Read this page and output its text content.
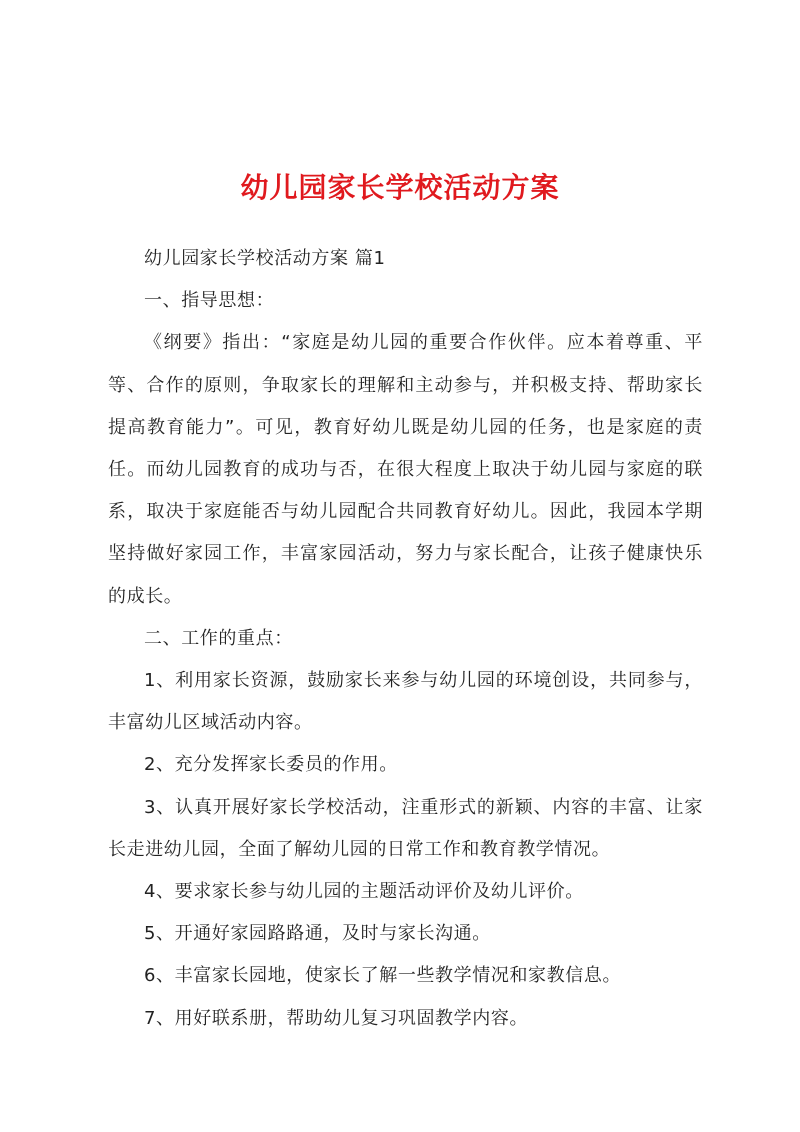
幼儿园家长学校活动方案

幼儿园家长学校活动方案 篇1

一、指导思想：

《纲要》指出：“家庭是幼儿园的重要合作伙伴。应本着尊重、平等、合作的原则，争取家长的理解和主动参与，并积极支持、帮助家长提高教育能力”。可见，教育好幼儿既是幼儿园的任务，也是家庭的责任。而幼儿园教育的成功与否，在很大程度上取决于幼儿园与家庭的联系，取决于家庭能否与幼儿园配合共同教育好幼儿。因此，我园本学期坚持做好家园工作，丰富家园活动，努力与家长配合，让孩子健康快乐的成长。

二、工作的重点：

1、利用家长资源，鼓励家长来参与幼儿园的环境创设，共同参与，丰富幼儿区域活动内容。

2、充分发挥家长委员的作用。

3、认真开展好家长学校活动，注重形式的新颖、内容的丰富、让家长走进幼儿园，全面了解幼儿园的日常工作和教育教学情况。

4、要求家长参与幼儿园的主题活动评价及幼儿评价。

5、开通好家园路路通，及时与家长沟通。

6、丰富家长园地，使家长了解一些教学情况和家教信息。

7、用好联系册，帮助幼儿复习巩固教学内容。
